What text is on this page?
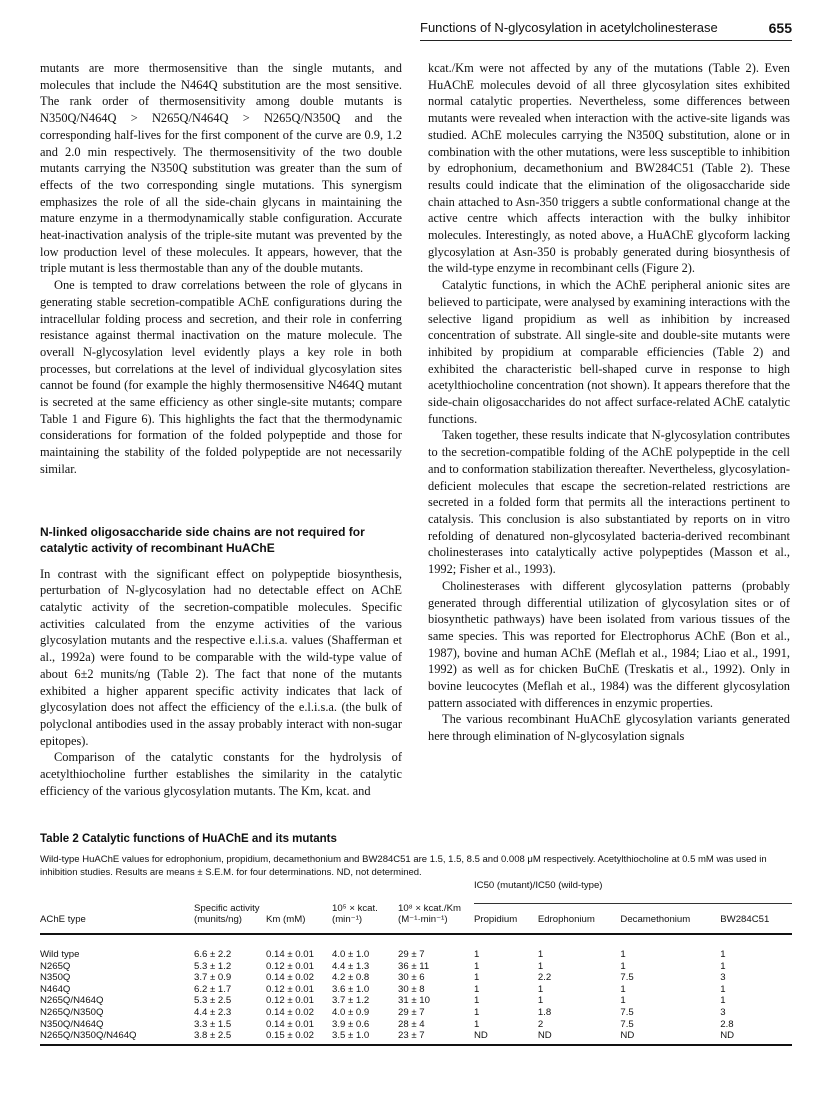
Functions of N-glycosylation in acetylcholinesterase	655

mutants are more thermosensitive than the single mutants, and molecules that include the N464Q substitution are the most sensitive. The rank order of thermosensitivity among double mutants is N350Q/N464Q > N265Q/N464Q > N265Q/N350Q and the corresponding half-lives for the first component of the curve are 0.9, 1.2 and 2.0 min respectively. The thermosensitivity of the two double mutants carrying the N350Q substitution was greater than the sum of effects of the two corresponding single mutations. This synergism emphasizes the role of all the side-chain glycans in maintaining the mature enzyme in a thermodynamically stable configuration. Accurate heat-inactivation analysis of the triple-site mutant was prevented by the low production level of these molecules. It appears, however, that the triple mutant is less thermostable than any of the double mutants.

One is tempted to draw correlations between the role of glycans in generating stable secretion-compatible AChE configurations during the intracellular folding process and secretion, and their role in conferring resistance against thermal inactivation on the mature molecule. The overall N-glycosylation level evidently plays a key role in both processes, but correlations at the level of individual glycosylation sites cannot be found (for example the highly thermosensitive N464Q mutant is secreted at the same efficiency as other single-site mutants; compare Table 1 and Figure 6). This highlights the fact that the thermodynamic considerations for formation of the folded polypeptide and those for maintaining the stability of the folded polypeptide are not necessarily similar.

N-linked oligosaccharide side chains are not required for catalytic activity of recombinant HuAChE

In contrast with the significant effect on polypeptide biosynthesis, perturbation of N-glycosylation had no detectable effect on AChE catalytic activity of the secretion-compatible molecules. Specific activities calculated from the enzyme activities of the various glycosylation mutants and the respective e.l.i.s.a. values (Shafferman et al., 1992a) were found to be comparable with the wild-type value of about 6±2 munits/ng (Table 2). The fact that none of the mutants exhibited a higher apparent specific activity indicates that lack of glycosylation does not affect the efficiency of the e.l.i.s.a. (the bulk of polyclonal antibodies used in the assay probably interact with non-sugar epitopes).

Comparison of the catalytic constants for the hydrolysis of acetylthiocholine further establishes the similarity in the catalytic efficiency of the various glycosylation mutants. The Km, kcat. and

kcat./Km were not affected by any of the mutations (Table 2). Even HuAChE molecules devoid of all three glycosylation sites exhibited normal catalytic properties. Nevertheless, some differences between mutants were revealed when interaction with the active-site ligands was studied. AChE molecules carrying the N350Q substitution, alone or in combination with the other mutations, were less susceptible to inhibition by edrophonium, decamethonium and BW284C51 (Table 2). These results could indicate that the elimination of the oligosaccharide side chain attached to Asn-350 triggers a subtle conformational change at the active centre which affects interaction with the bulky inhibitor molecules. Interestingly, as noted above, a HuAChE glycoform lacking glycosylation at Asn-350 is probably generated during biosynthesis of the wild-type enzyme in recombinant cells (Figure 2).

Catalytic functions, in which the AChE peripheral anionic sites are believed to participate, were analysed by examining interactions with the selective ligand propidium as well as inhibition by increased concentration of substrate. All single-site and double-site mutants were inhibited by propidium at comparable efficiencies (Table 2) and exhibited the characteristic bell-shaped curve in response to high acetylthiocholine concentration (not shown). It appears therefore that the side-chain oligosaccharides do not affect surface-related AChE catalytic functions.

Taken together, these results indicate that N-glycosylation contributes to the secretion-compatible folding of the AChE polypeptide in the cell and to conformation stabilization thereafter. Nevertheless, glycosylation-deficient molecules that escape the secretion-related restrictions are secreted in a folded form that permits all the interactions pertinent to catalysis. This conclusion is also substantiated by reports on in vitro refolding of denatured non-glycosylated bacteria-derived recombinant cholinesterases into catalytically active polypeptides (Masson et al., 1992; Fisher et al., 1993).

Cholinesterases with different glycosylation patterns (probably generated through differential utilization of glycosylation sites or of biosynthetic pathways) have been isolated from various tissues of the same species. This was reported for Electrophorus AChE (Bon et al., 1987), bovine and human AChE (Meflah et al., 1984; Liao et al., 1991, 1992) as well as for chicken BuChE (Treskatis et al., 1992). Only in bovine leucocytes (Meflah et al., 1984) was the different glycosylation pattern associated with differences in enzymic properties.

The various recombinant HuAChE glycosylation variants generated here through elimination of N-glycosylation signals

Table 2 Catalytic functions of HuAChE and its mutants
Wild-type HuAChE values for edrophonium, propidium, decamethonium and BW284C51 are 1.5, 1.5, 8.5 and 0.008 μM respectively. Acetylthiocholine at 0.5 mM was used in inhibition studies. Results are means ± S.E.M. for four determinations. ND, not determined.
AChE type	Specific activity (munits/ng)	Km (mM)	10⁵ × kcat. (min⁻¹)	10⁸ × kcat./Km (M⁻¹·min⁻¹)	IC50 (mutant)/IC50 (wild-type)			
					Propidium	Edrophonium	Decamethonium	BW284C51
Wild type	6.6 ± 2.2	0.14 ± 0.01	4.0 ± 1.0	29 ± 7	1	1	1	1
N265Q	5.3 ± 1.2	0.12 ± 0.01	4.4 ± 1.3	36 ± 11	1	1	1	1
N350Q	3.7 ± 0.9	0.14 ± 0.02	4.2 ± 0.8	30 ± 6	1	2.2	7.5	3
N464Q	6.2 ± 1.7	0.12 ± 0.01	3.6 ± 1.0	30 ± 8	1	1	1	1
N265Q/N464Q	5.3 ± 2.5	0.12 ± 0.01	3.7 ± 1.2	31 ± 10	1	1	1	1
N265Q/N350Q	4.4 ± 2.3	0.14 ± 0.02	4.0 ± 0.9	29 ± 7	1	1.8	7.5	3
N350Q/N464Q	3.3 ± 1.5	0.14 ± 0.01	3.9 ± 0.6	28 ± 4	1	2	7.5	2.8
N265Q/N350Q/N464Q	3.8 ± 2.5	0.15 ± 0.02	3.5 ± 1.0	23 ± 7	ND	ND	ND	ND
